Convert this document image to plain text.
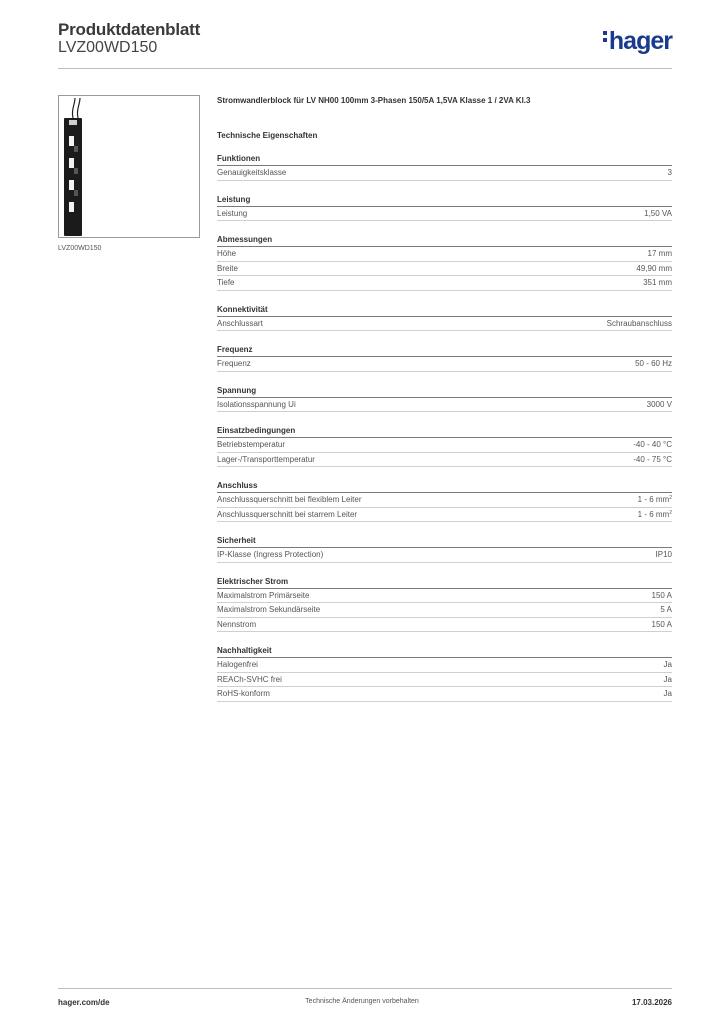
Produktdatenblatt
LVZ00WD150	hager
LVZ00WD150
Stromwandlerblock für LV NH00 100mm 3-Phasen 150/5A 1,5VA Klasse 1 / 2VA Kl.3
Technische Eigenschaften
Funktionen
Genauigkeitsklasse	3
Leistung
Leistung	1,50 VA
Abmessungen
Höhe	17 mm
Breite	49,90 mm
Tiefe	351 mm
Konnektivität
Anschlussart	Schraubanschluss
Frequenz
Frequenz	50 - 60 Hz
Spannung
Isolationsspannung Ui	3000 V
Einsatzbedingungen
Betriebstemperatur	-40 - 40 °C
Lager-/Transporttemperatur	-40 - 75 °C
Anschluss
Anschlussquerschnitt bei flexiblem Leiter	1 - 6 $mm^2$
Anschlussquerschnitt bei starrem Leiter	1 - 6 $mm^2$
Sicherheit
IP-Klasse (Ingress Protection)	IP10
Elektrischer Strom
Maximalstrom Primärseite	150 A
Maximalstrom Sekundärseite	5 A
Nennstrom	150 A
Nachhaltigkeit
Halogenfrei	Ja
REACh-SVHC frei	Ja
RoHS-konform	Ja
hager.com/de	Technische Änderungen vorbehalten	17.03.2026
